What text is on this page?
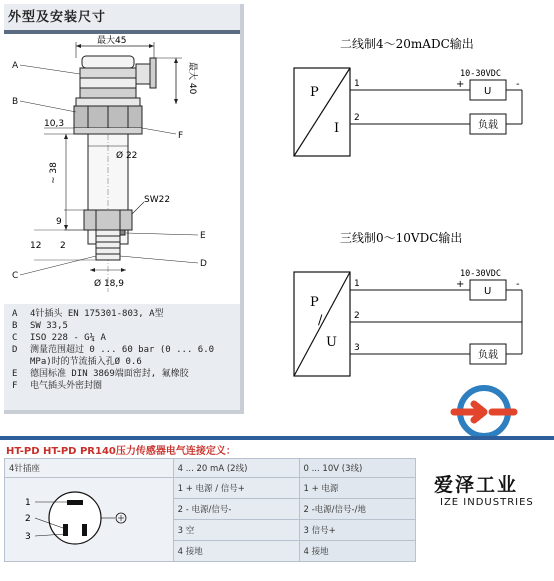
外型及安装尺寸
最大45
最大 40
10,3
Ø 22
~ 38
SW22
9
12 2
Ø 18,9
A
B
F
E
D
C
A	4针插头 EN 175301-803, A型
B	SW 33,5
C	ISO 228 - G¼ A
D	测量范围超过 0 ... 60 bar (0 ... 6.0
MPa)时的节流插入孔Ø 0.6
E	德国标准 DIN 3869端面密封, 氟橡胶
F	电气插头外密封圈
二线制4～20mADC输出
P
I
1
2
10-30VDC
+	-
U
负载
三线制0～10VDC输出
P
/
U
1
2
3
10-30VDC
+	-
U
负载
HT-PD HT-PD PR140压力传感器电气连接定义：
4针插座	4 ... 20 mA (2线)	0 ... 10V (3线)

1
2
3	1 + 电源 / 信号+	1 + 电源
	2 - 电源/信号-	2 -电源/信号-/地
	3 空	3 信号+
	4 接地	4 接地
爱泽工业
IZE INDUSTRIES
